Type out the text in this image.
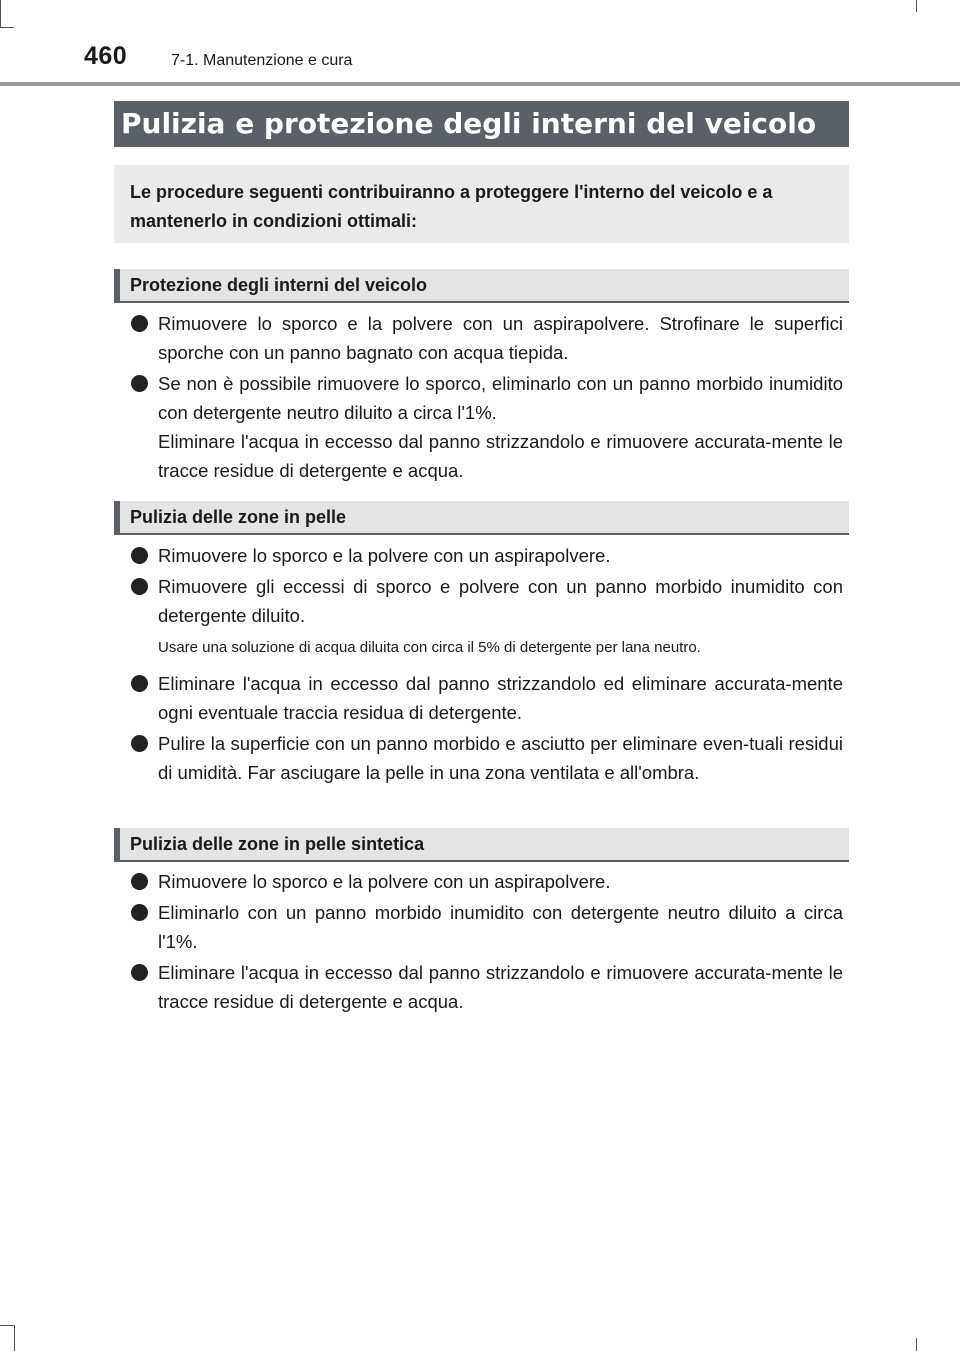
460	7-1. Manutenzione e cura
Pulizia e protezione degli interni del veicolo
Le procedure seguenti contribuiranno a proteggere l'interno del veicolo e a mantenerlo in condizioni ottimali:
Protezione degli interni del veicolo
Rimuovere lo sporco e la polvere con un aspirapolvere. Strofinare le superfici sporche con un panno bagnato con acqua tiepida.
Se non è possibile rimuovere lo sporco, eliminarlo con un panno morbido inumidito con detergente neutro diluito a circa l'1%.
Eliminare l'acqua in eccesso dal panno strizzandolo e rimuovere accurata-mente le tracce residue di detergente e acqua.
Pulizia delle zone in pelle
Rimuovere lo sporco e la polvere con un aspirapolvere.
Rimuovere gli eccessi di sporco e polvere con un panno morbido inumidito con detergente diluito.
Usare una soluzione di acqua diluita con circa il 5% di detergente per lana neutro.
Eliminare l'acqua in eccesso dal panno strizzandolo ed eliminare accurata-mente ogni eventuale traccia residua di detergente.
Pulire la superficie con un panno morbido e asciutto per eliminare even-tuali residui di umidità. Far asciugare la pelle in una zona ventilata e all'ombra.
Pulizia delle zone in pelle sintetica
Rimuovere lo sporco e la polvere con un aspirapolvere.
Eliminarlo con un panno morbido inumidito con detergente neutro diluito a circa l'1%.
Eliminare l'acqua in eccesso dal panno strizzandolo e rimuovere accurata-mente le tracce residue di detergente e acqua.
